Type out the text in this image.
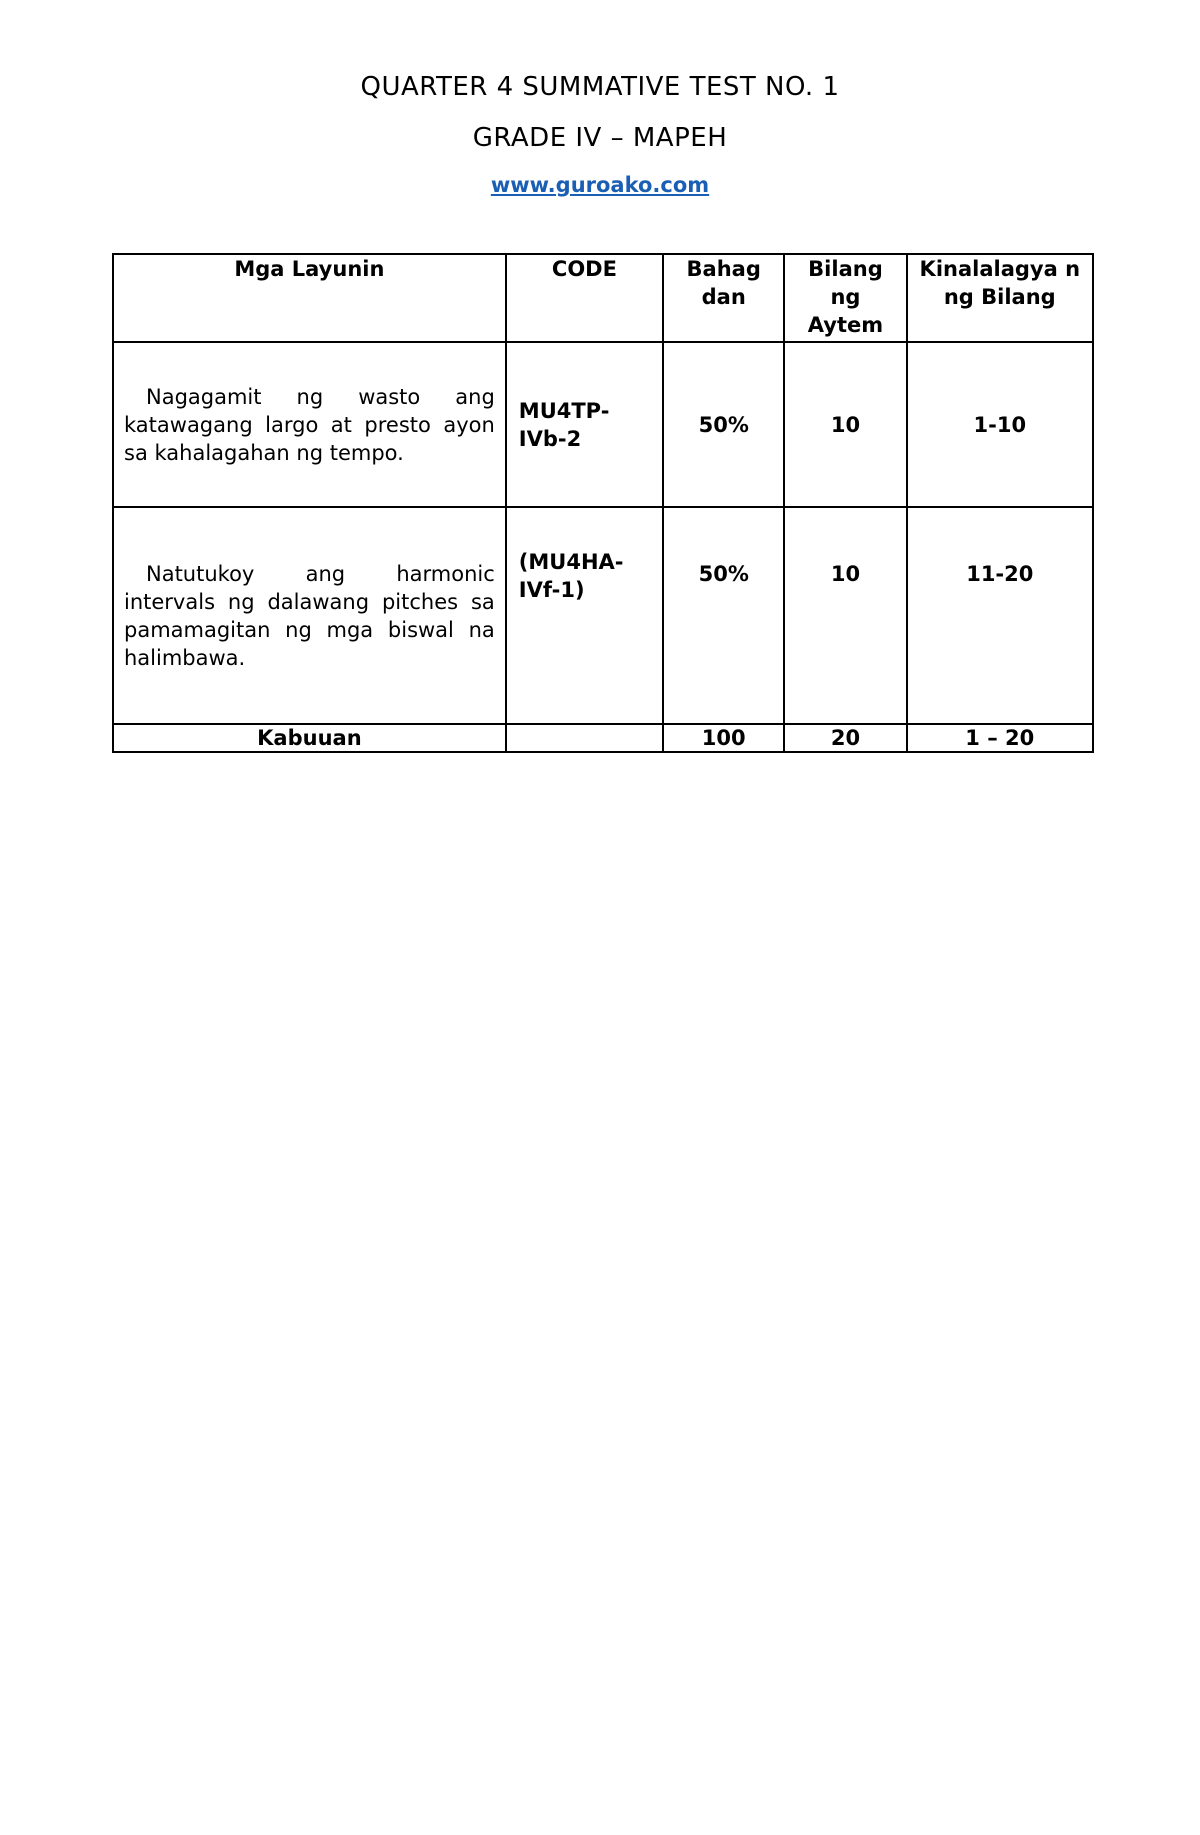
QUARTER 4 SUMMATIVE TEST NO. 1
GRADE IV – MAPEH
www.guroako.com
Mga Layunin	CODE	Bahag dan	Bilang ng Aytem	Kinalalagya n ng Bilang

Nagagamit ng wasto ang katawagang largo at presto ayon sa kahalagahan ng tempo.	MU4TP-IVb-2	50%	10	1-10

Natutukoy ang harmonic intervals ng dalawang pitches sa pamamagitan ng mga biswal na halimbawa.	(MU4HA-IVf-1)	50%	10	11-20
Kabuuan		100	20	1 – 20
